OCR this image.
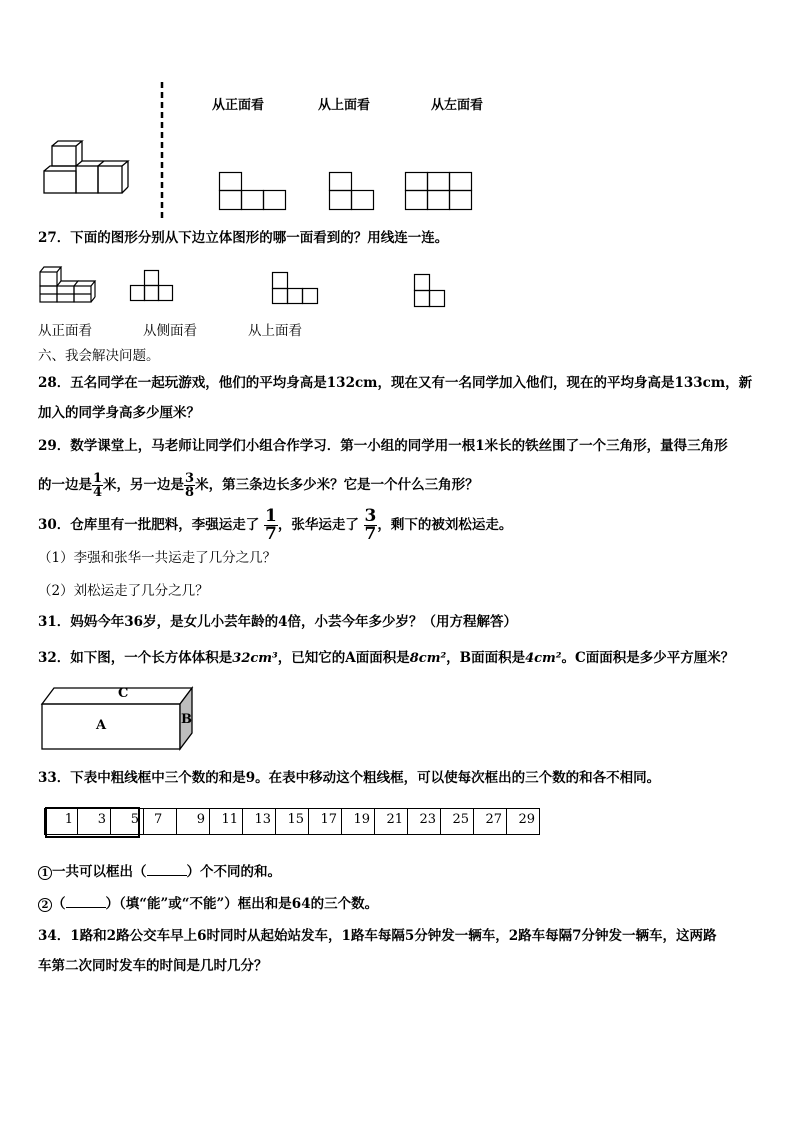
从正面看	从上面看	从左面看
27．下面的图形分别从下边立体图形的哪一面看到的？用线连一连。
从正面看	从侧面看	从上面看
六、我会解决问题。
28．五名同学在一起玩游戏，他们的平均身高是132cm，现在又有一名同学加入他们，现在的平均身高是133cm，新
加入的同学身高多少厘米？
29．数学课堂上，马老师让同学们小组合作学习．第一小组的同学用一根1米长的铁丝围了一个三角形，量得三角形
的一边是 $\frac{1}{4}$ 米，另一边是 $\frac{3}{8}$ 米，第三条边长多少米？它是一个什么三角形？
30．仓库里有一批肥料，李强运走了 $\frac{1}{7}$ ，张华运走了 $\frac{3}{7}$ ，剩下的被刘松运走。
（1）李强和张华一共运走了几分之几？
（2）刘松运走了几分之几？
31．妈妈今年36岁，是女儿小芸年龄的4倍，小芸今年多少岁？（用方程解答）
32．如下图，一个长方体体积是32cm³，已知它的A面面积是8cm²，B面面积是4cm²。C面面积是多少平方厘米？
C
A	B
33．下表中粗线框中三个数的和是9。在表中移动这个粗线框，可以使每次框出的三个数的和各不相同。
1	3	5	7	9	11	13	15	17	19	21	23	25	27	29
1 一共可以框出（	）个不同的和。
2 （	）（填“能”或“不能”）框出和是64的三个数。
34．1路和2路公交车早上6时同时从起始站发车，1路车每隔5分钟发一辆车，2路车每隔7分钟发一辆车，这两路
车第二次同时发车的时间是几时几分？
